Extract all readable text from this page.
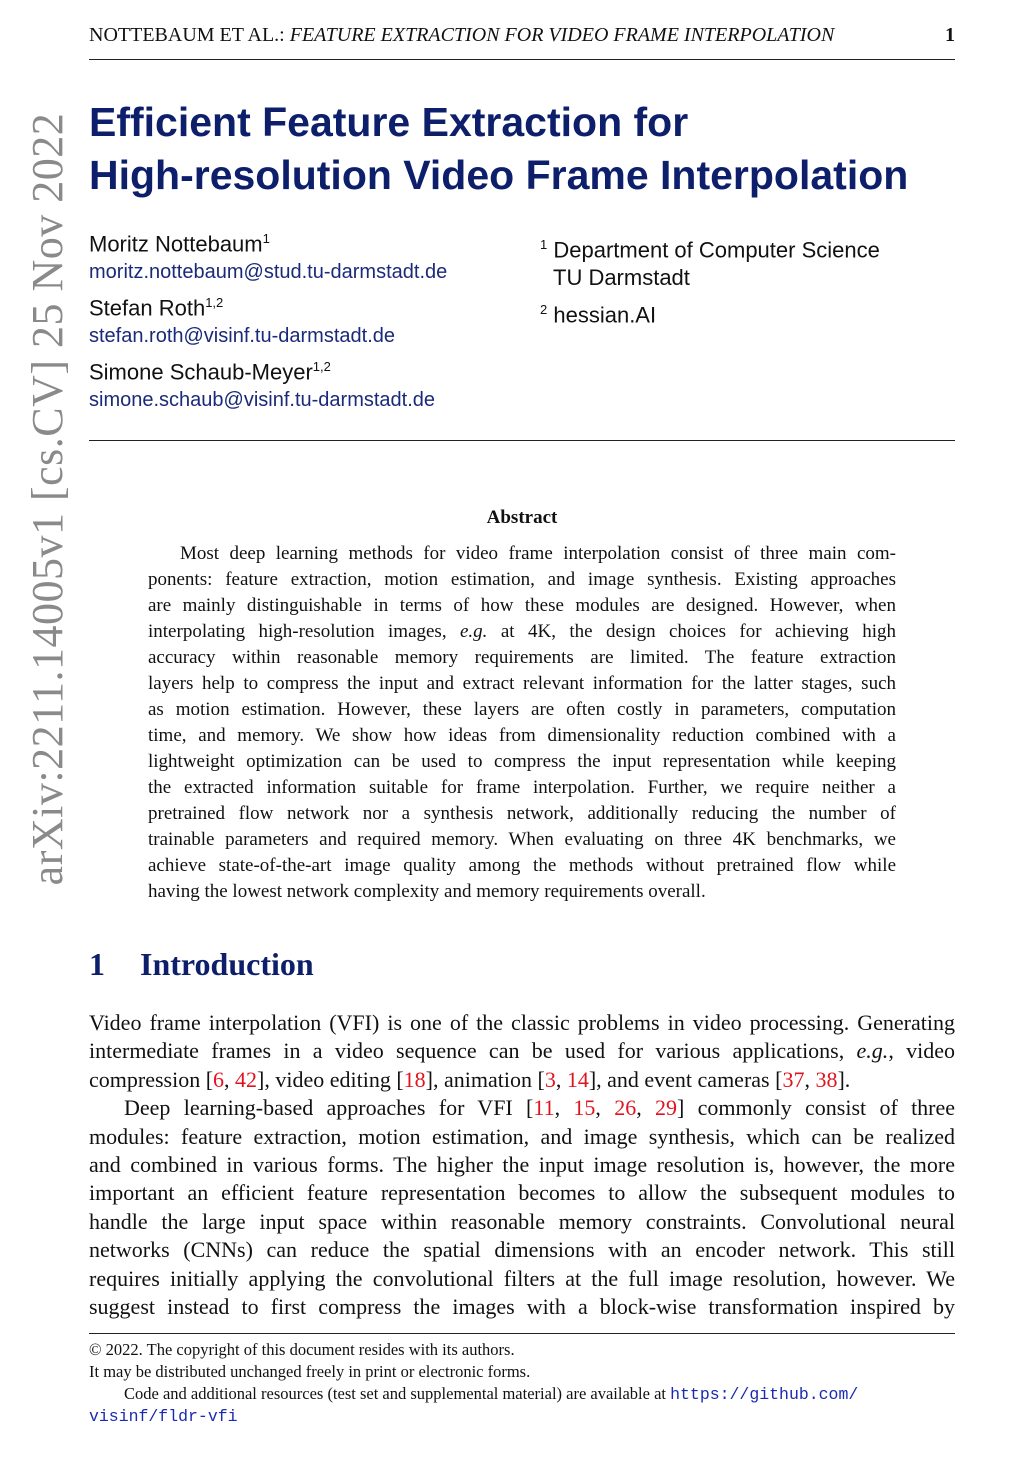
NOTTEBAUM ET AL.: FEATURE EXTRACTION FOR VIDEO FRAME INTERPOLATION	1
arXiv:2211.14005v1 [cs.CV] 25 Nov 2022 Efficient Feature Extraction for
High-resolution Video Frame Interpolation
Moritz Nottebaum$^1$
moritz.nottebaum@stud.tu-darmstadt.de
Stefan Roth$^{1,2}$
stefan.roth@visinf.tu-darmstadt.de
Simone Schaub-Meyer$^{1,2}$
simone.schaub@visinf.tu-darmstadt.de
$^1$ Department of Computer Science
TU Darmstadt
$^2$ hessian.AI
Abstract
Most deep learning methods for video frame interpolation consist of three main com-
ponents: feature extraction, motion estimation, and image synthesis. Existing approaches
are mainly distinguishable in terms of how these modules are designed. However, when
interpolating high-resolution images, e.g. at 4K, the design choices for achieving high
accuracy within reasonable memory requirements are limited. The feature extraction
layers help to compress the input and extract relevant information for the latter stages, such
as motion estimation. However, these layers are often costly in parameters, computation
time, and memory. We show how ideas from dimensionality reduction combined with a
lightweight optimization can be used to compress the input representation while keeping
the extracted information suitable for frame interpolation. Further, we require neither a
pretrained flow network nor a synthesis network, additionally reducing the number of
trainable parameters and required memory. When evaluating on three 4K benchmarks, we
achieve state-of-the-art image quality among the methods without pretrained flow while
having the lowest network complexity and memory requirements overall.
1 Introduction
Video frame interpolation (VFI) is one of the classic problems in video processing. Generating
intermediate frames in a video sequence can be used for various applications, e.g., video
compression [6, 42], video editing [18], animation [3, 14], and event cameras [37, 38].
Deep learning-based approaches for VFI [11, 15, 26, 29] commonly consist of three
modules: feature extraction, motion estimation, and image synthesis, which can be realized
and combined in various forms. The higher the input image resolution is, however, the more
important an efficient feature representation becomes to allow the subsequent modules to
handle the large input space within reasonable memory constraints. Convolutional neural
networks (CNNs) can reduce the spatial dimensions with an encoder network. This still
requires initially applying the convolutional filters at the full image resolution, however. We
suggest instead to first compress the images with a block-wise transformation inspired by
© 2022. The copyright of this document resides with its authors.
It may be distributed unchanged freely in print or electronic forms.
Code and additional resources (test set and supplemental material) are available at https://github.com/
visinf/fldr-vfi
